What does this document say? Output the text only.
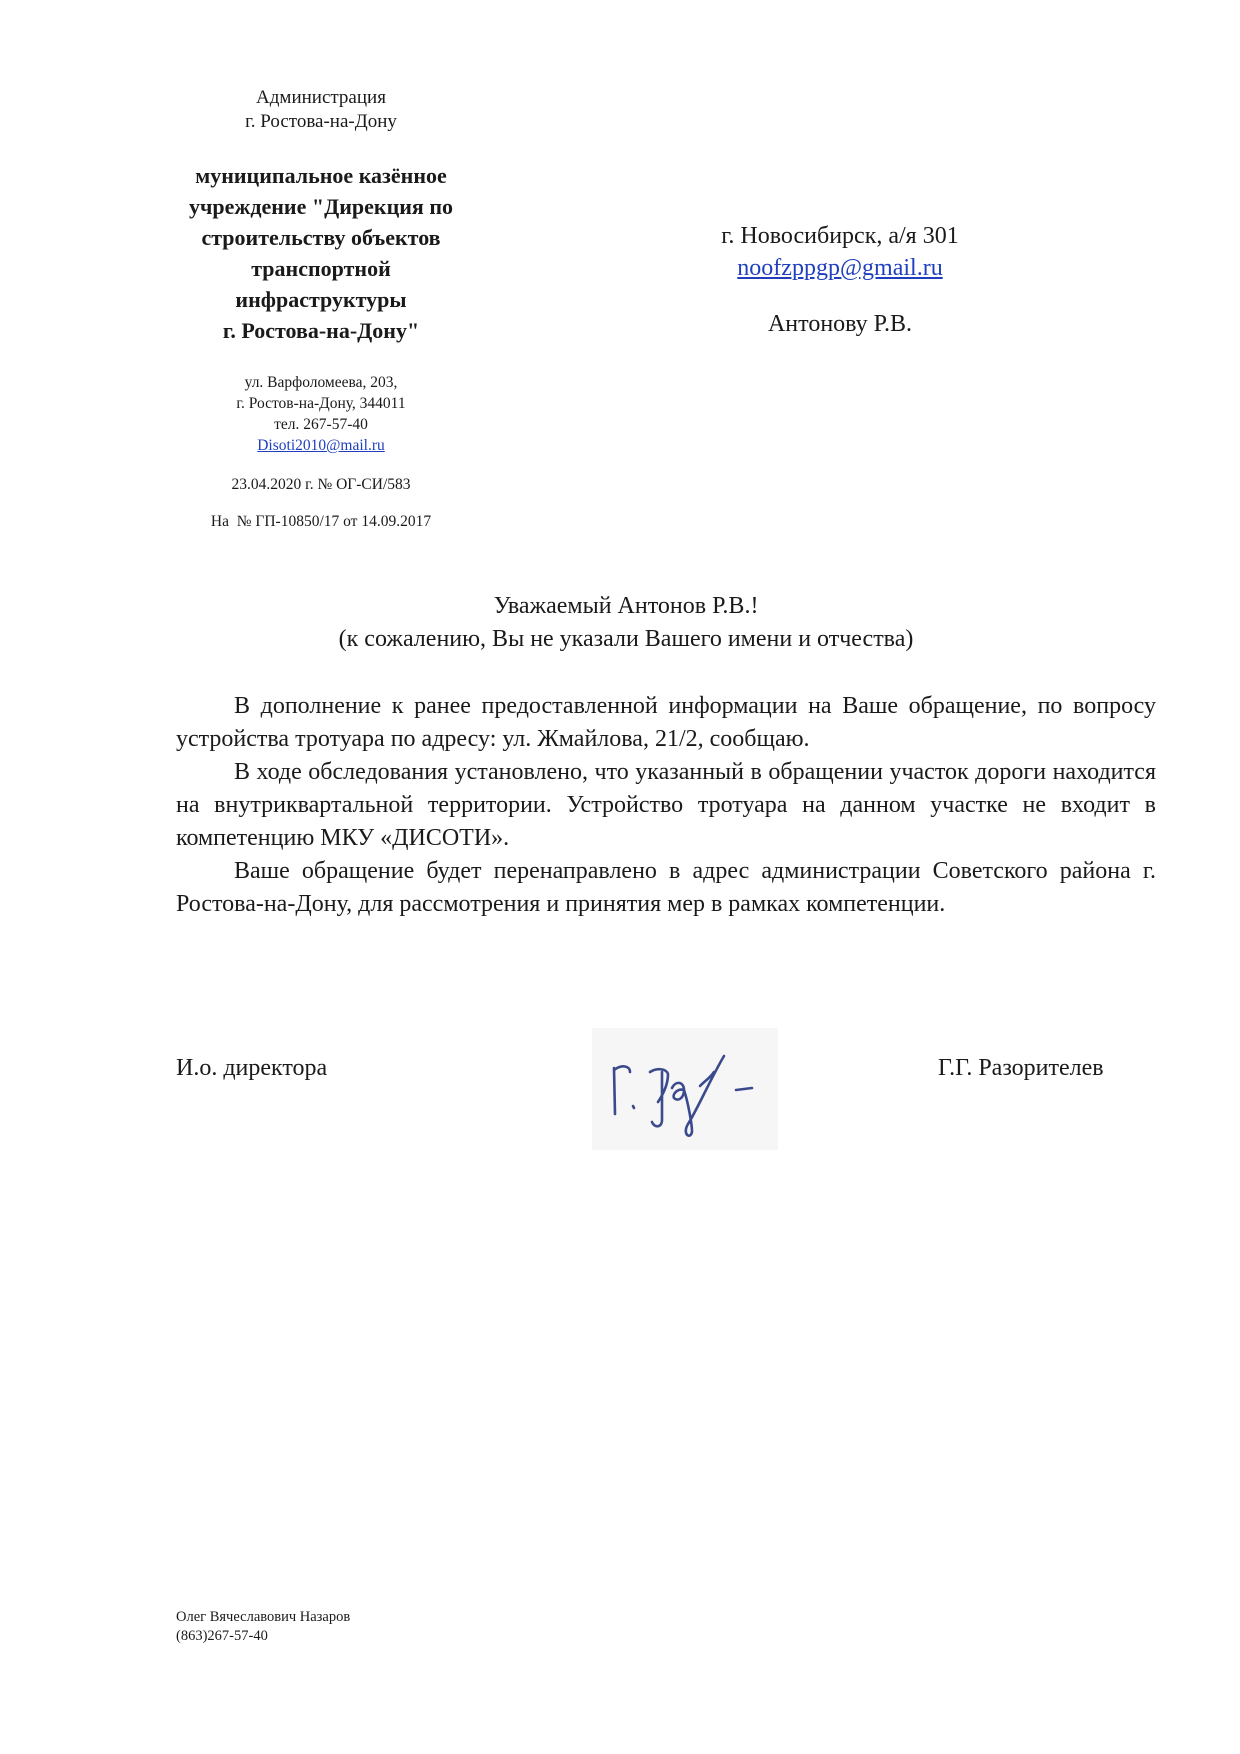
Администрация
г. Ростова-на-Дону
муниципальное казённое
учреждение "Дирекция по
строительству объектов
транспортной
инфраструктуры
г. Ростова-на-Дону"
ул. Варфоломеева, 203,
г. Ростов-на-Дону, 344011
тел. 267-57-40
Disoti2010@mail.ru
23.04.2020 г. № ОГ-СИ/583
На  № ГП-10850/17 от 14.09.2017
г. Новосибирск, а/я 301
noofzppgp@gmail.ru
Антонову Р.В.
Уважаемый Антонов Р.В.!
(к сожалению, Вы не указали Вашего имени и отчества)

В дополнение к ранее предоставленной информации на Ваше обращение, по вопросу устройства тротуара по адресу: ул. Жмайлова, 21/2, сообщаю.

В ходе обследования установлено, что указанный в обращении участок дороги находится на внутриквартальной территории. Устройство тротуара на данном участке не входит в компетенцию МКУ «ДИСОТИ».

Ваше обращение будет перенаправлено в адрес администрации Советского района г. Ростова-на-Дону, для рассмотрения и принятия мер в рамках компетенции.

И.о. директора	Г.Г. Разорителев
Олег Вячеславович Назаров
(863)267-57-40
